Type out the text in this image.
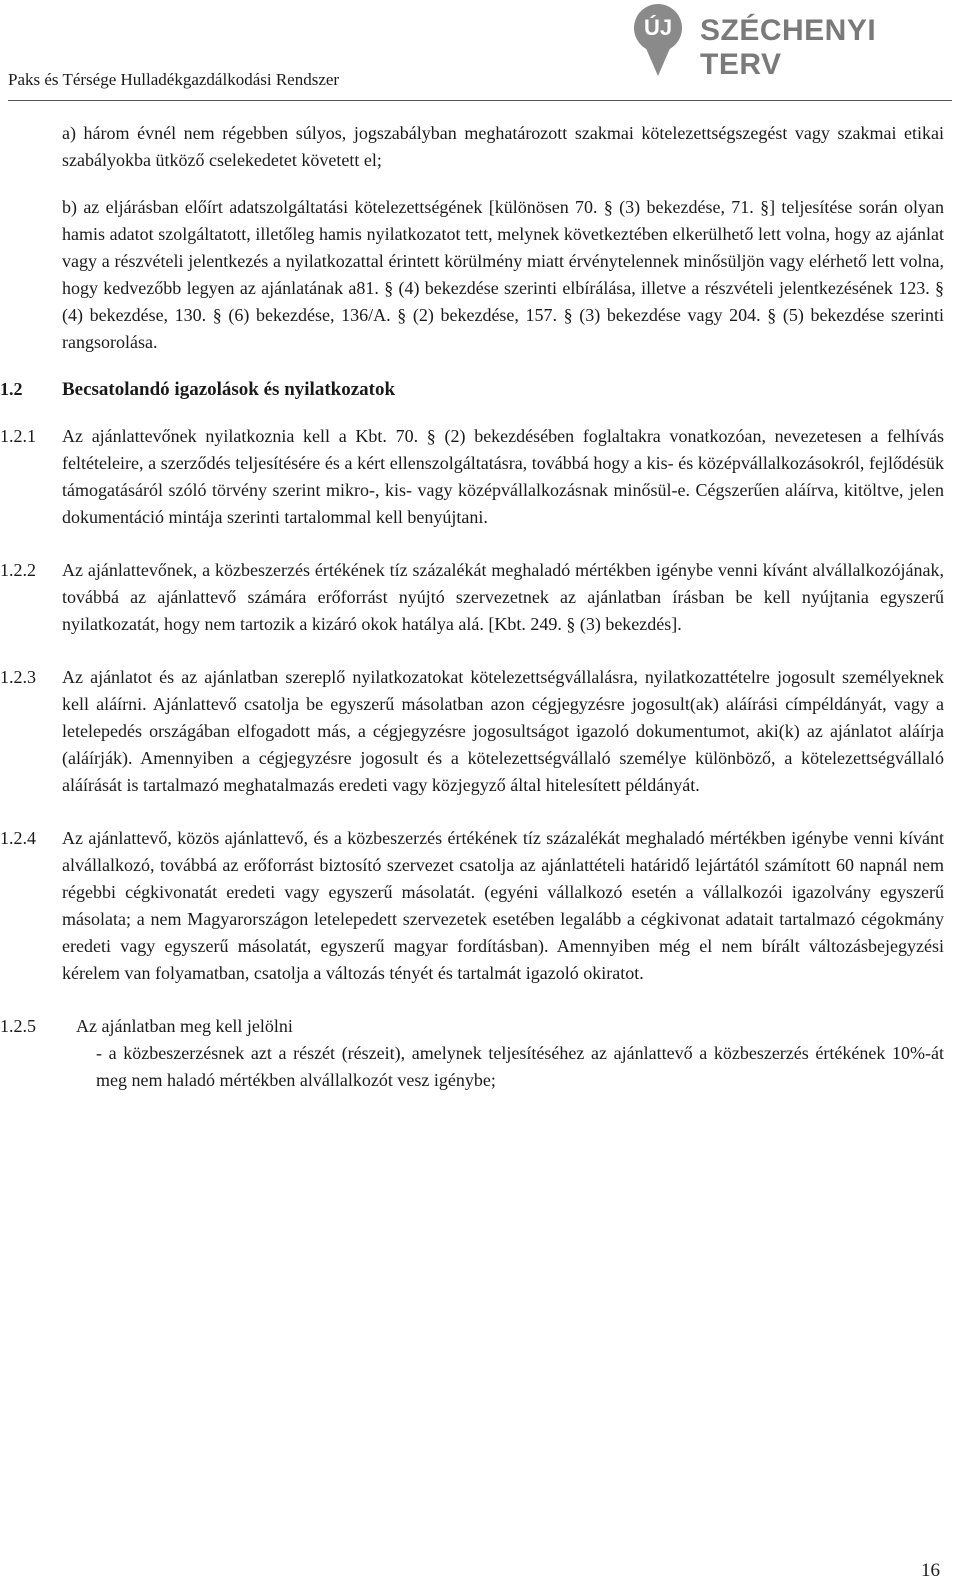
Paks és Térsége Hulladékgazdálkodási Rendszer
ÚJ SZÉCHENYI TERV

a) három évnél nem régebben súlyos, jogszabályban meghatározott szakmai kötelezettségszegést vagy szakmai etikai szabályokba ütköző cselekedetet követett el;

b) az eljárásban előírt adatszolgáltatási kötelezettségének [különösen 70. § (3) bekezdése, 71. §] teljesítése során olyan hamis adatot szolgáltatott, illetőleg hamis nyilatkozatot tett, melynek következtében elkerülhető lett volna, hogy az ajánlat vagy a részvételi jelentkezés a nyilatkozattal érintett körülmény miatt érvénytelennek minősüljön vagy elérhető lett volna, hogy kedvezőbb legyen az ajánlatának a81. § (4) bekezdése szerinti elbírálása, illetve a részvételi jelentkezésének 123. § (4) bekezdése, 130. § (6) bekezdése, 136/A. § (2) bekezdése, 157. § (3) bekezdése vagy 204. § (5) bekezdése szerinti rangsorolása.

1.2 Becsatolandó igazolások és nyilatkozatok
1.2.1 Az ajánlattevőnek nyilatkoznia kell a Kbt. 70. § (2) bekezdésében foglaltakra vonatkozóan, nevezetesen a felhívás feltételeire, a szerződés teljesítésére és a kért ellenszolgáltatásra, továbbá hogy a kis- és középvállalkozásokról, fejlődésük támogatásáról szóló törvény szerint mikro-, kis- vagy középvállalkozásnak minősül-e. Cégszerűen aláírva, kitöltve, jelen dokumentáció mintája szerinti tartalommal kell benyújtani.

1.2.2 Az ajánlattevőnek, a közbeszerzés értékének tíz százalékát meghaladó mértékben igénybe venni kívánt alvállalkozójának, továbbá az ajánlattevő számára erőforrást nyújtó szervezetnek az ajánlatban írásban be kell nyújtania egyszerű nyilatkozatát, hogy nem tartozik a kizáró okok hatálya alá. [Kbt. 249. § (3) bekezdés].

1.2.3 Az ajánlatot és az ajánlatban szereplő nyilatkozatokat kötelezettségvállalásra, nyilatkozattételre jogosult személyeknek kell aláírni. Ajánlattevő csatolja be egyszerű másolatban azon cégjegyzésre jogosult(ak) aláírási címpéldányát, vagy a letelepedés országában elfogadott más, a cégjegyzésre jogosultságot igazoló dokumentumot, aki(k) az ajánlatot aláírja (aláírják). Amennyiben a cégjegyzésre jogosult és a kötelezettségvállaló személye különböző, a kötelezettségvállaló aláírását is tartalmazó meghatalmazás eredeti vagy közjegyző által hitelesített példányát.

1.2.4 Az ajánlattevő, közös ajánlattevő, és a közbeszerzés értékének tíz százalékát meghaladó mértékben igénybe venni kívánt alvállalkozó, továbbá az erőforrást biztosító szervezet csatolja az ajánlattételi határidő lejártától számított 60 napnál nem régebbi cégkivonatát eredeti vagy egyszerű másolatát. (egyéni vállalkozó esetén a vállalkozói igazolvány egyszerű másolata; a nem Magyarországon letelepedett szervezetek esetében legalább a cégkivonat adatait tartalmazó cégokmány eredeti vagy egyszerű másolatát, egyszerű magyar fordításban). Amennyiben még el nem bírált változásbejegyzési kérelem van folyamatban, csatolja a változás tényét és tartalmát igazoló okiratot.

1.2.5 Az ajánlatban meg kell jelölni

- a közbeszerzésnek azt a részét (részeit), amelynek teljesítéséhez az ajánlattevő a közbeszerzés értékének 10%-át meg nem haladó mértékben alvállalkozót vesz igénybe;

16
